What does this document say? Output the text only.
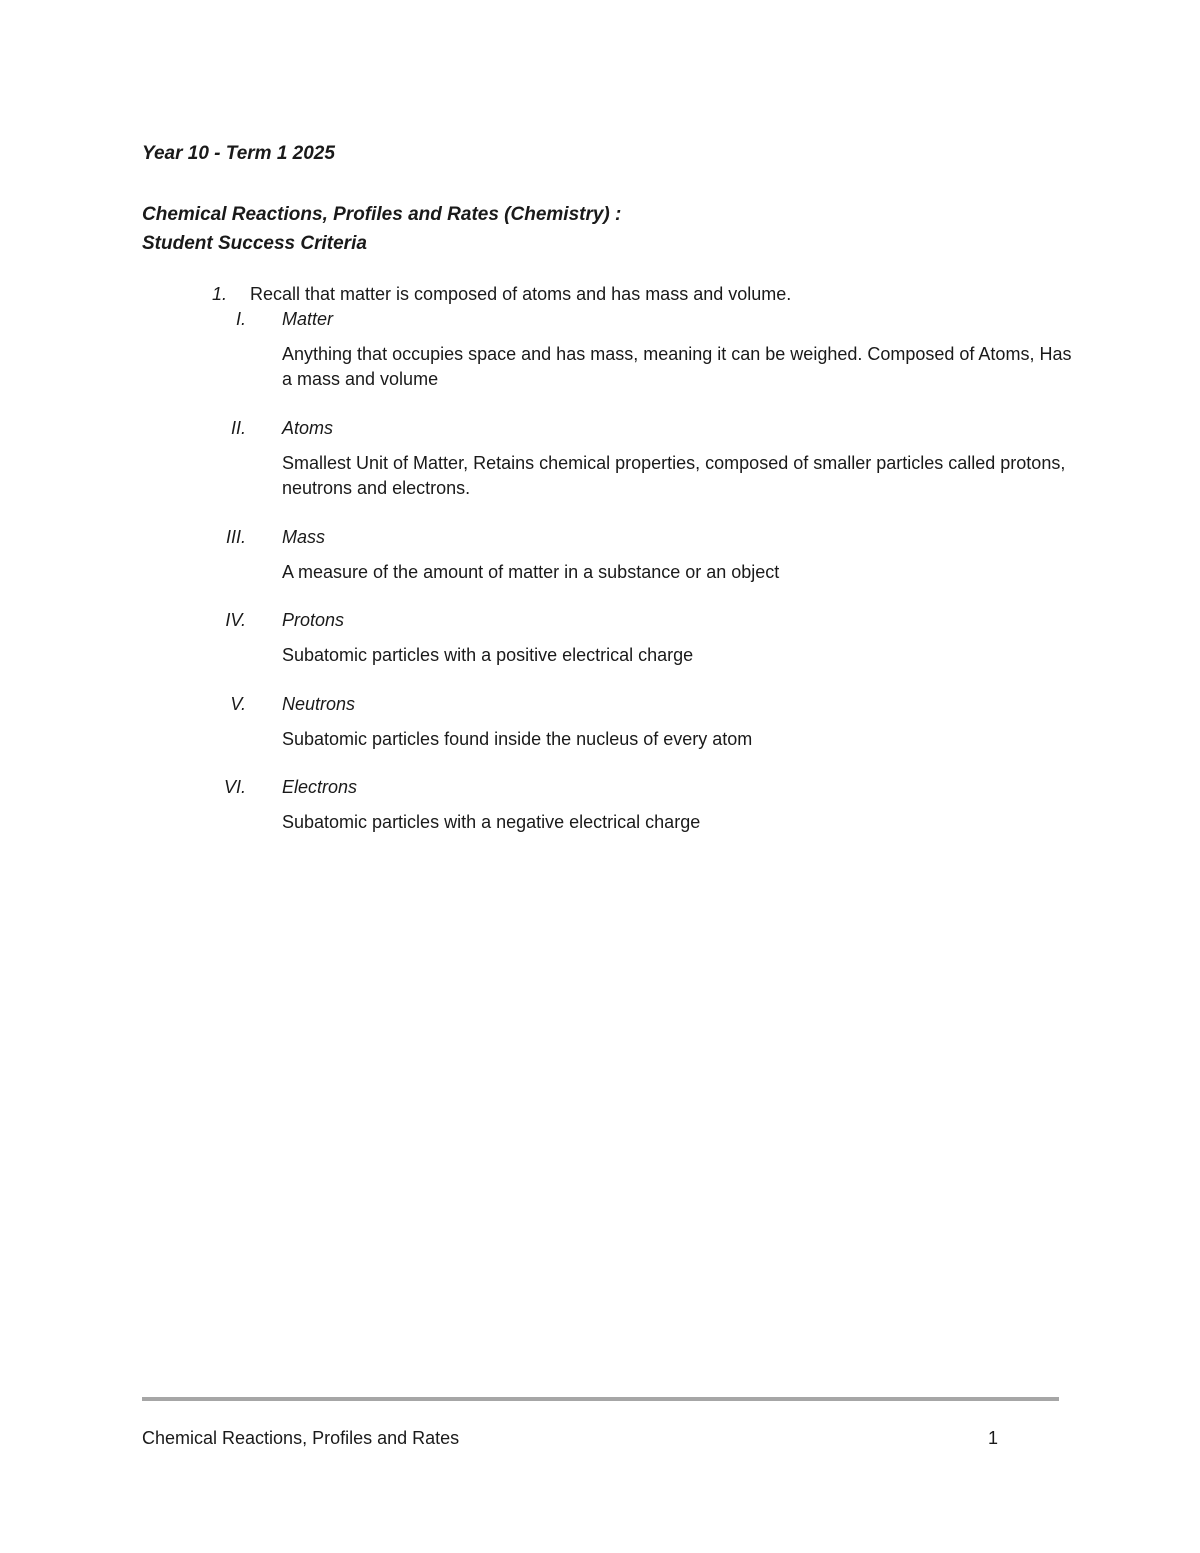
Year 10 - Term 1 2025

Chemical Reactions, Profiles and Rates (Chemistry) :
Student Success Criteria
1. Recall that matter is composed of atoms and has mass and volume.
I. Matter
Anything that occupies space and has mass, meaning it can be weighed. Composed of Atoms, Has a mass and volume
II. Atoms
Smallest Unit of Matter, Retains chemical properties, composed of smaller particles called protons, neutrons and electrons.
III. Mass
A measure of the amount of matter in a substance or an object
IV. Protons
Subatomic particles with a positive electrical charge
V. Neutrons
Subatomic particles found inside the nucleus of every atom
VI. Electrons
Subatomic particles with a negative electrical charge
Chemical Reactions, Profiles and Rates	1
